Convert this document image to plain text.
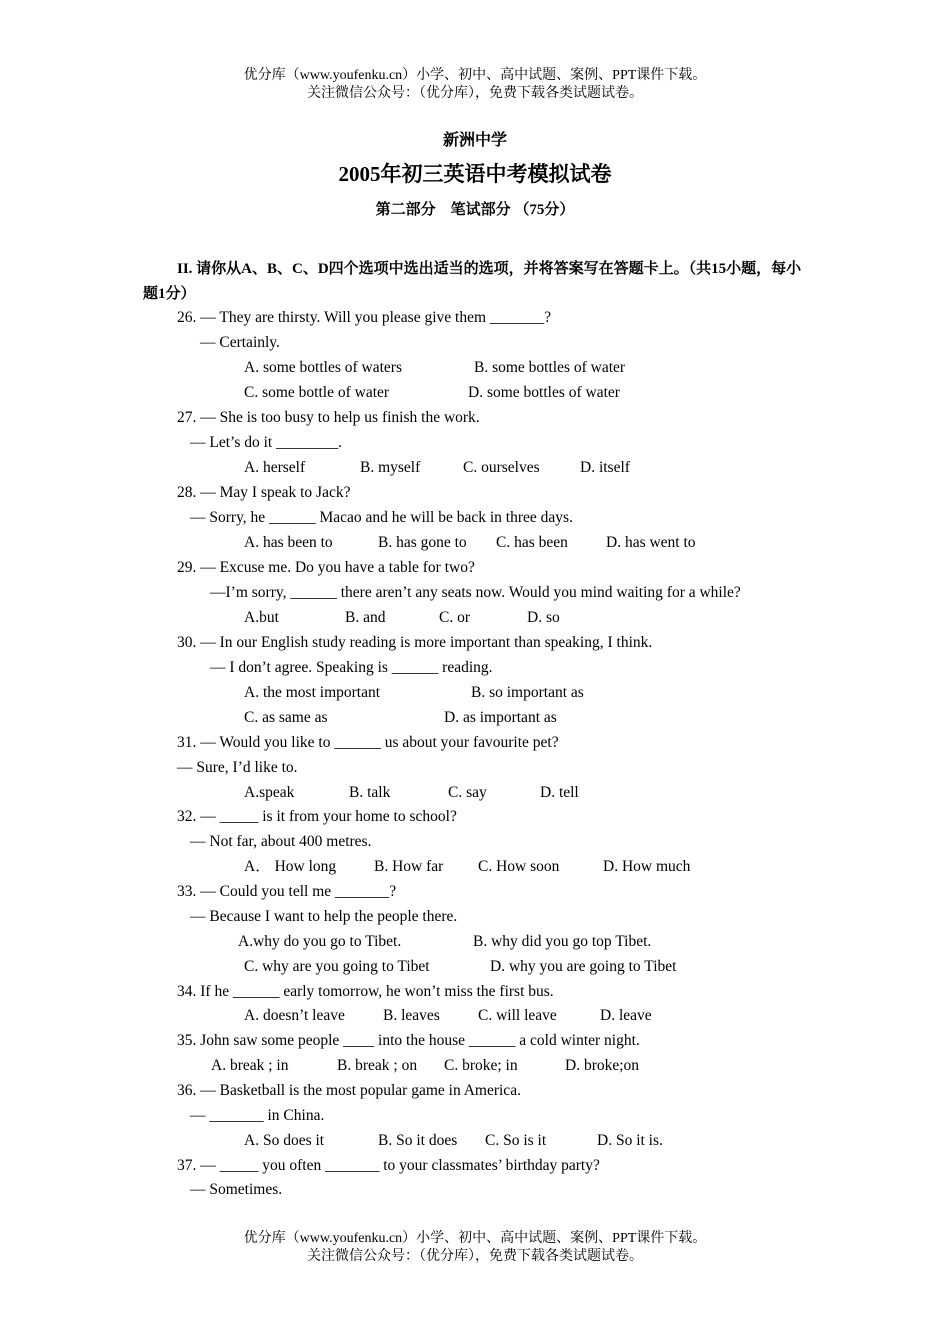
优分库（www.youfenku.cn）小学、初中、高中试题、案例、PPT课件下载。
关注微信公众号：（优分库），免费下载各类试题试卷。
新洲中学
2005年初三英语中考模拟试卷
第二部分　笔试部分 （75分）
II. 请你从A、B、C、D四个选项中选出适当的选项，并将答案写在答题卡上。（共15小题，每小题1分）
26. — They are thirsty. Will you please give them _______?
— Certainly.
A. some bottles of waters	B. some bottles of water
C. some bottle of water	D. some bottles of water
27. — She is too busy to help us finish the work.
— Let’s do it ________.
A. herself	B. myself	C. ourselves	D. itself
28. — May I speak to Jack?
— Sorry, he ______ Macao and he will be back in three days.
A. has been to	B. has gone to C. has been D. has went to
29. — Excuse me. Do you have a table for two?
—I’m sorry, ______ there aren’t any seats now. Would you mind waiting for a while?
A.but	B. and	C. or	D. so
30. — In our English study reading is more important than speaking, I think.
— I don’t agree. Speaking is ______ reading.
A. the most important	B. so important as
C. as same as	D. as important as
31. — Would you like to ______ us about your favourite pet?
— Sure, I’d like to.
A.speak	B. talk	C. say	D. tell
32. — _____ is it from your home to school?
— Not far, about 400 metres.
A． How long B. How far C. How soon	D. How much
33. — Could you tell me _______?
— Because I want to help the people there.
A.why do you go to Tibet.	B. why did you go top Tibet.
C. why are you going to Tibet	D. why you are going to Tibet
34. If he ______ early tomorrow, he won’t miss the first bus.
A. doesn’t leave B. leaves C. will leave	D. leave
35. John saw some people ____ into the house ______ a cold winter night.
A. break ; in	B. break ; on C. broke; in	D. broke;on
36. — Basketball is the most popular game in America.
— _______ in China.
A. So does it	B. So it does C. So is it	D. So it is.
37. — _____ you often _______ to your classmates’ birthday party?
— Sometimes.
优分库（www.youfenku.cn）小学、初中、高中试题、案例、PPT课件下载。
关注微信公众号：（优分库），免费下载各类试题试卷。
